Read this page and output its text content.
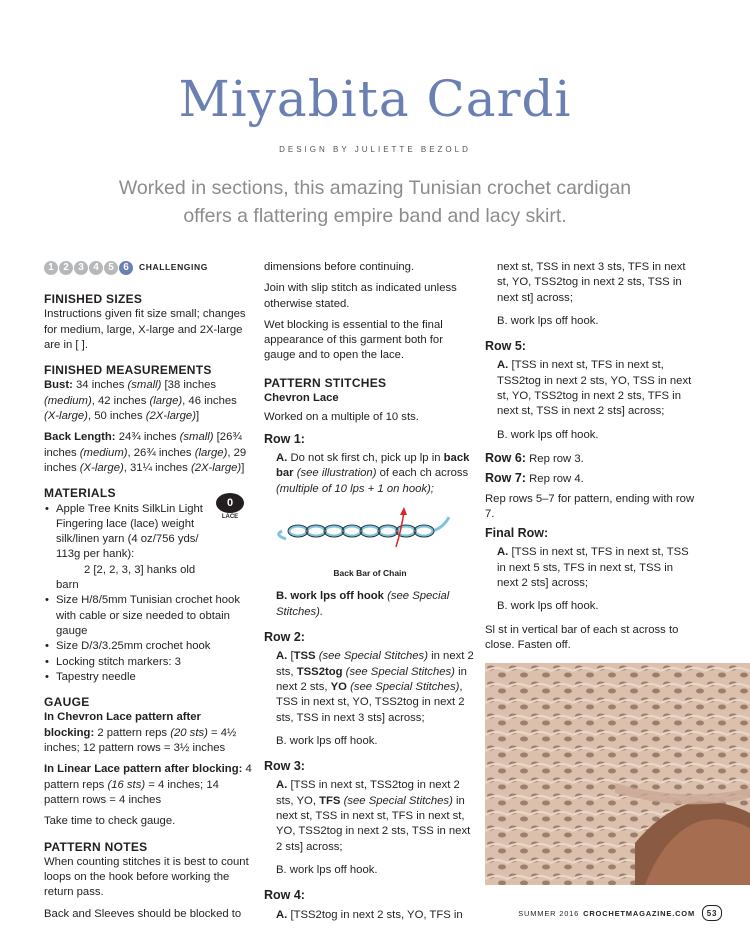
Miyabita Cardi
DESIGN BY JULIETTE BEZOLD
Worked in sections, this amazing Tunisian crochet cardigan
offers a flattering empire band and lacy skirt.
1 2 3 4 5 6	CHALLENGING

FINISHED SIZES

Instructions given fit size small; changes for medium, large, X-large and 2X-large are in [ ].

FINISHED MEASUREMENTS

Bust: 34 inches (small) [38 inches (medium), 42 inches (large), 46 inches (X-large), 50 inches (2X-large)]

Back Length: 24¾ inches (small) [26¾ inches (medium), 26¾ inches (large), 29 inches (X-large), 31¼ inches (2X-large)]

MATERIALS

• Apple Tree Knits SilkLin Light Fingering lace (lace) weight silk/linen yarn (4 oz/756 yds/ 113g per hank):
2 [2, 2, 3, 3] hanks old barn
• Size H/8/5mm Tunisian crochet hook with cable or size needed to obtain gauge
• Size D/3/3.25mm crochet hook
• Locking stitch markers: 3
• Tapestry needle

GAUGE

In Chevron Lace pattern after blocking: 2 pattern reps (20 sts) = 4½ inches; 12 pattern rows = 3½ inches

In Linear Lace pattern after blocking: 4 pattern reps (16 sts) = 4 inches; 14 pattern rows = 4 inches

Take time to check gauge.

PATTERN NOTES

When counting stitches it is best to count loops on the hook before working the return pass.

Back and Sleeves should be blocked to

0
LACE

dimensions before continuing.

Join with slip stitch as indicated unless otherwise stated.

Wet blocking is essential to the final appearance of this garment both for gauge and to open the lace.

PATTERN STITCHES

Chevron Lace

Worked on a multiple of 10 sts.

Row 1:

A. Do not sk first ch, pick up lp in back bar (see illustration) of each ch across (multiple of 10 lps + 1 on hook);

Back Bar of Chain

B. work lps off hook (see Special Stitches).

Row 2:

A. [TSS (see Special Stitches) in next 2 sts, TSS2tog (see Special Stitches) in next 2 sts, YO (see Special Stitches), TSS in next st, YO, TSS2tog in next 2 sts, TSS in next 3 sts] across;

B. work lps off hook.

Row 3:

A. [TSS in next st, TSS2tog in next 2 sts, YO, TFS (see Special Stitches) in next st, TSS in next st, TFS in next st, YO, TSS2tog in next 2 sts, TSS in next 2 sts] across;

B. work lps off hook.

Row 4:

A. [TSS2tog in next 2 sts, YO, TFS in

next st, TSS in next 3 sts, TFS in next st, YO, TSS2tog in next 2 sts, TSS in next st] across;

B. work lps off hook.

Row 5:

A. [TSS in next st, TFS in next st, TSS2tog in next 2 sts, YO, TSS in next st, YO, TSS2tog in next 2 sts, TFS in next st, TSS in next 2 sts] across;

B. work lps off hook.

Row 6: Rep row 3.

Row 7: Rep row 4.

Rep rows 5–7 for pattern, ending with row 7.

Final Row:

A. [TSS in next st, TFS in next st, TSS in next 5 sts, TFS in next st, TSS in next 2 sts] across;

B. work lps off hook.

Sl st in vertical bar of each st across to close. Fasten off.

SUMMER 2016 CROCHETMAGAZINE.COM	53
